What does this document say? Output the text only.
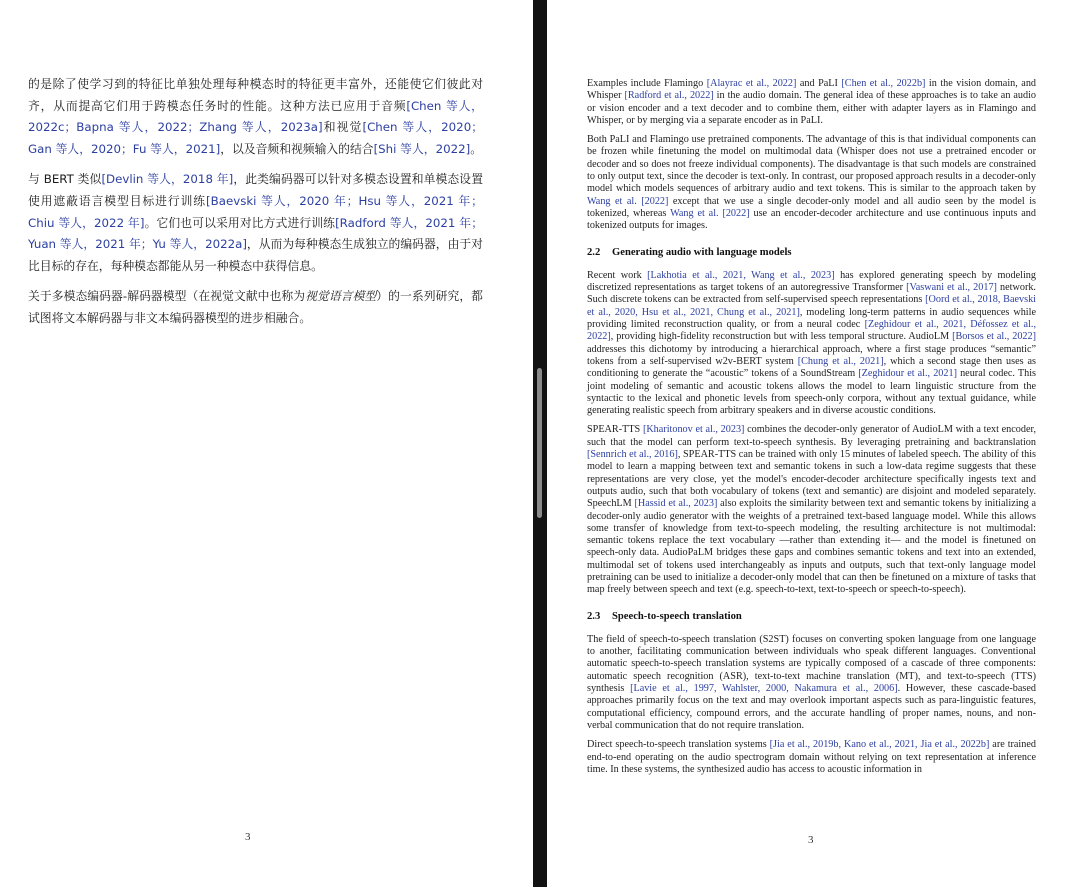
的是除了使学习到的特征比单独处理每种模态时的特征更丰富外，还能使它们彼此对齐，从而提高它们用于跨模态任务时的性能。这种方法已应用于音频[Chen 等人，2022c；Bapna 等人，2022；Zhang 等人，2023a]和视觉[Chen 等人，2020；Gan 等人，2020；Fu 等人，2021]，以及音频和视频输入的结合[Shi 等人，2022]。

与 BERT 类似[Devlin 等人，2018 年]，此类编码器可以针对多模态设置和单模态设置使用遮蔽语言模型目标进行训练[Baevski 等人，2020 年；Hsu 等人，2021 年；Chiu 等人，2022 年]。它们也可以采用对比方式进行训练[Radford 等人，2021 年；Yuan 等人，2021 年；Yu 等人，2022a]，从而为每种模态生成独立的编码器，由于对比目标的存在，每种模态都能从另一种模态中获得信息。

关于多模态编码器-解码器模型（在视觉文献中也称为视觉语言模型）的一系列研究，都试图将文本解码器与非文本编码器模型的进步相融合。

3	3

Examples include Flamingo [Alayrac et al., 2022] and PaLI [Chen et al., 2022b] in the vision domain, and Whisper [Radford et al., 2022] in the audio domain. The general idea of these approaches is to take an audio or vision encoder and a text decoder and to combine them, either with adapter layers as in Flamingo and Whisper, or by merging via a separate encoder as in PaLI.

Both PaLI and Flamingo use pretrained components. The advantage of this is that individual components can be frozen while finetuning the model on multimodal data (Whisper does not use a pretrained encoder or decoder and so does not freeze individual components). The disadvantage is that such models are constrained to only output text, since the decoder is text-only. In contrast, our proposed approach results in a decoder-only model which models sequences of arbitrary audio and text tokens. This is similar to the approach taken by Wang et al. [2022] except that we use a single decoder-only model and all audio seen by the model is tokenized, whereas Wang et al. [2022] use an encoder-decoder architecture and use continuous inputs and tokenized outputs for images.

2.2 Generating audio with language models

Recent work [Lakhotia et al., 2021, Wang et al., 2023] has explored generating speech by modeling discretized representations as target tokens of an autoregressive Transformer [Vaswani et al., 2017] network. Such discrete tokens can be extracted from self-supervised speech representations [Oord et al., 2018, Baevski et al., 2020, Hsu et al., 2021, Chung et al., 2021], modeling long-term patterns in audio sequences while providing limited reconstruction quality, or from a neural codec [Zeghidour et al., 2021, Défossez et al., 2022], providing high-fidelity reconstruction but with less temporal structure. AudioLM [Borsos et al., 2022] addresses this dichotomy by introducing a hierarchical approach, where a first stage produces “semantic” tokens from a self-supervised w2v-BERT system [Chung et al., 2021], which a second stage then uses as conditioning to generate the “acoustic” tokens of a SoundStream [Zeghidour et al., 2021] neural codec. This joint modeling of semantic and acoustic tokens allows the model to learn linguistic structure from the syntactic to the lexical and phonetic levels from speech-only corpora, without any textual guidance, while generating realistic speech from arbitrary speakers and in diverse acoustic conditions.

SPEAR-TTS [Kharitonov et al., 2023] combines the decoder-only generator of AudioLM with a text encoder, such that the model can perform text-to-speech synthesis. By leveraging pretraining and backtranslation [Sennrich et al., 2016], SPEAR-TTS can be trained with only 15 minutes of labeled speech. The ability of this model to learn a mapping between text and semantic tokens in such a low-data regime suggests that these representations are very close, yet the model's encoder-decoder architecture specifically ingests text and outputs audio, such that both vocabulary of tokens (text and semantic) are disjoint and modeled separately. SpeechLM [Hassid et al., 2023] also exploits the similarity between text and semantic tokens by initializing a decoder-only audio generator with the weights of a pretrained text-based language model. While this allows some transfer of knowledge from text-to-speech modeling, the resulting architecture is not multimodal: semantic tokens replace the text vocabulary —rather than extending it— and the model is finetuned on speech-only data. AudioPaLM bridges these gaps and combines semantic tokens and text into an extended, multimodal set of tokens used interchangeably as inputs and outputs, such that text-only language model pretraining can be used to initialize a decoder-only model that can then be finetuned on a mixture of tasks that map freely between speech and text (e.g. speech-to-text, text-to-speech or speech-to-speech).

2.3 Speech-to-speech translation

The field of speech-to-speech translation (S2ST) focuses on converting spoken language from one language to another, facilitating communication between individuals who speak different languages. Conventional automatic speech-to-speech translation systems are typically composed of a cascade of three components: automatic speech recognition (ASR), text-to-text machine translation (MT), and text-to-speech (TTS) synthesis [Lavie et al., 1997, Wahlster, 2000, Nakamura et al., 2006]. However, these cascade-based approaches primarily focus on the text and may overlook important aspects such as para-linguistic features, computational efficiency, compound errors, and the accurate handling of proper names, nouns, and non-verbal communication that do not require translation.

Direct speech-to-speech translation systems [Jia et al., 2019b, Kano et al., 2021, Jia et al., 2022b] are trained end-to-end operating on the audio spectrogram domain without relying on text representation at inference time. In these systems, the synthesized audio has access to acoustic information in
